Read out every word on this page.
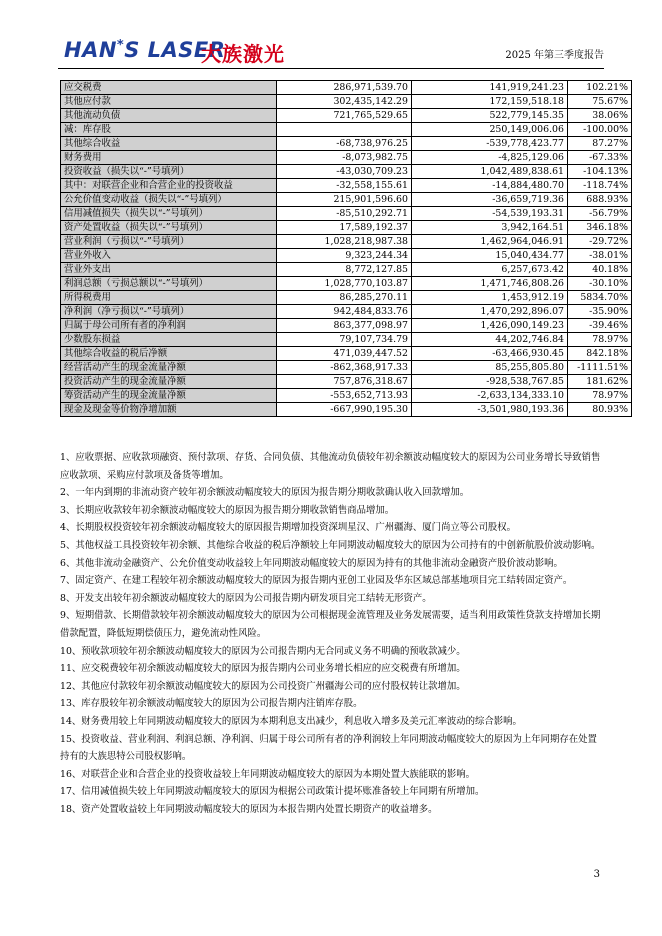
HAN*S LASER
大族激光	2025 年第三季度报告
应交税费	286,971,539.70	141,919,241.23	102.21%
其他应付款	302,435,142.29	172,159,518.18	75.67%
其他流动负债	721,765,529.65	522,779,145.35	38.06%
减：库存股		250,149,006.06	-100.00%
其他综合收益	-68,738,976.25	-539,778,423.77	87.27%
财务费用	-8,073,982.75	-4,825,129.06	-67.33%
投资收益（损失以“-”号填列）	-43,030,709.23	1,042,489,838.61	-104.13%
其中：对联营企业和合营企业的投资收益	-32,558,155.61	-14,884,480.70	-118.74%
公允价值变动收益（损失以“-”号填列）	215,901,596.60	-36,659,719.36	688.93%
信用减值损失（损失以“-”号填列）	-85,510,292.71	-54,539,193.31	-56.79%
资产处置收益（损失以“-”号填列）	17,589,192.37	3,942,164.51	346.18%
营业利润（亏损以“-”号填列）	1,028,218,987.38	1,462,964,046.91	-29.72%
营业外收入	9,323,244.34	15,040,434.77	-38.01%
营业外支出	8,772,127.85	6,257,673.42	40.18%
利润总额（亏损总额以“-”号填列）	1,028,770,103.87	1,471,746,808.26	-30.10%
所得税费用	86,285,270.11	1,453,912.19	5834.70%
净利润（净亏损以“-”号填列）	942,484,833.76	1,470,292,896.07	-35.90%
归属于母公司所有者的净利润	863,377,098.97	1,426,090,149.23	-39.46%
少数股东损益	79,107,734.79	44,202,746.84	78.97%
其他综合收益的税后净额	471,039,447.52	-63,466,930.45	842.18%
经营活动产生的现金流量净额	-862,368,917.33	85,255,805.80	-1111.51%
投资活动产生的现金流量净额	757,876,318.67	-928,538,767.85	181.62%
筹资活动产生的现金流量净额	-553,652,713.93	-2,633,134,333.10	78.97%
现金及现金等价物净增加额	-667,990,195.30	-3,501,980,193.36	80.93%

1、应收票据、应收款项融资、预付款项、存货、合同负债、其他流动负债较年初余额波动幅度较大的原因为公司业务增长导致销售应收款项、采购应付款项及备货等增加。

2、一年内到期的非流动资产较年初余额波动幅度较大的原因为报告期分期收款确认收入回款增加。

3、长期应收款较年初余额波动幅度较大的原因为报告期分期收款销售商品增加。

4、长期股权投资较年初余额波动幅度较大的原因报告期增加投资深圳星汉、广州疆海、厦门尚立等公司股权。

5、其他权益工具投资较年初余额、其他综合收益的税后净额较上年同期波动幅度较大的原因为公司持有的中创新航股价波动影响。

6、其他非流动金融资产、公允价值变动收益较上年同期波动幅度较大的原因为持有的其他非流动金融资产股价波动影响。

7、固定资产、在建工程较年初余额波动幅度较大的原因为报告期内亚创工业园及华东区域总部基地项目完工结转固定资产。

8、开发支出较年初余额波动幅度较大的原因为公司报告期内研发项目完工结转无形资产。

9、短期借款、长期借款较年初余额波动幅度较大的原因为公司根据现金流管理及业务发展需要，适当利用政策性贷款支持增加长期借款配置，降低短期偿债压力，避免流动性风险。

10、预收款项较年初余额波动幅度较大的原因为公司报告期内无合同或义务不明确的预收款减少。

11、应交税费较年初余额波动幅度较大的原因为报告期内公司业务增长相应的应交税费有所增加。

12、其他应付款较年初余额波动幅度较大的原因为公司投资广州疆海公司的应付股权转让款增加。

13、库存股较年初余额波动幅度较大的原因为公司报告期内注销库存股。

14、财务费用较上年同期波动幅度较大的原因为本期利息支出减少，利息收入增多及美元汇率波动的综合影响。

15、投资收益、营业利润、利润总额、净利润、归属于母公司所有者的净利润较上年同期波动幅度较大的原因为上年同期存在处置持有的大族思特公司股权影响。

16、对联营企业和合营企业的投资收益较上年同期波动幅度较大的原因为本期处置大族能联的影响。

17、信用减值损失较上年同期波动幅度较大的原因为根据公司政策计提坏账准备较上年同期有所增加。

18、资产处置收益较上年同期波动幅度较大的原因为本报告期内处置长期资产的收益增多。

3
